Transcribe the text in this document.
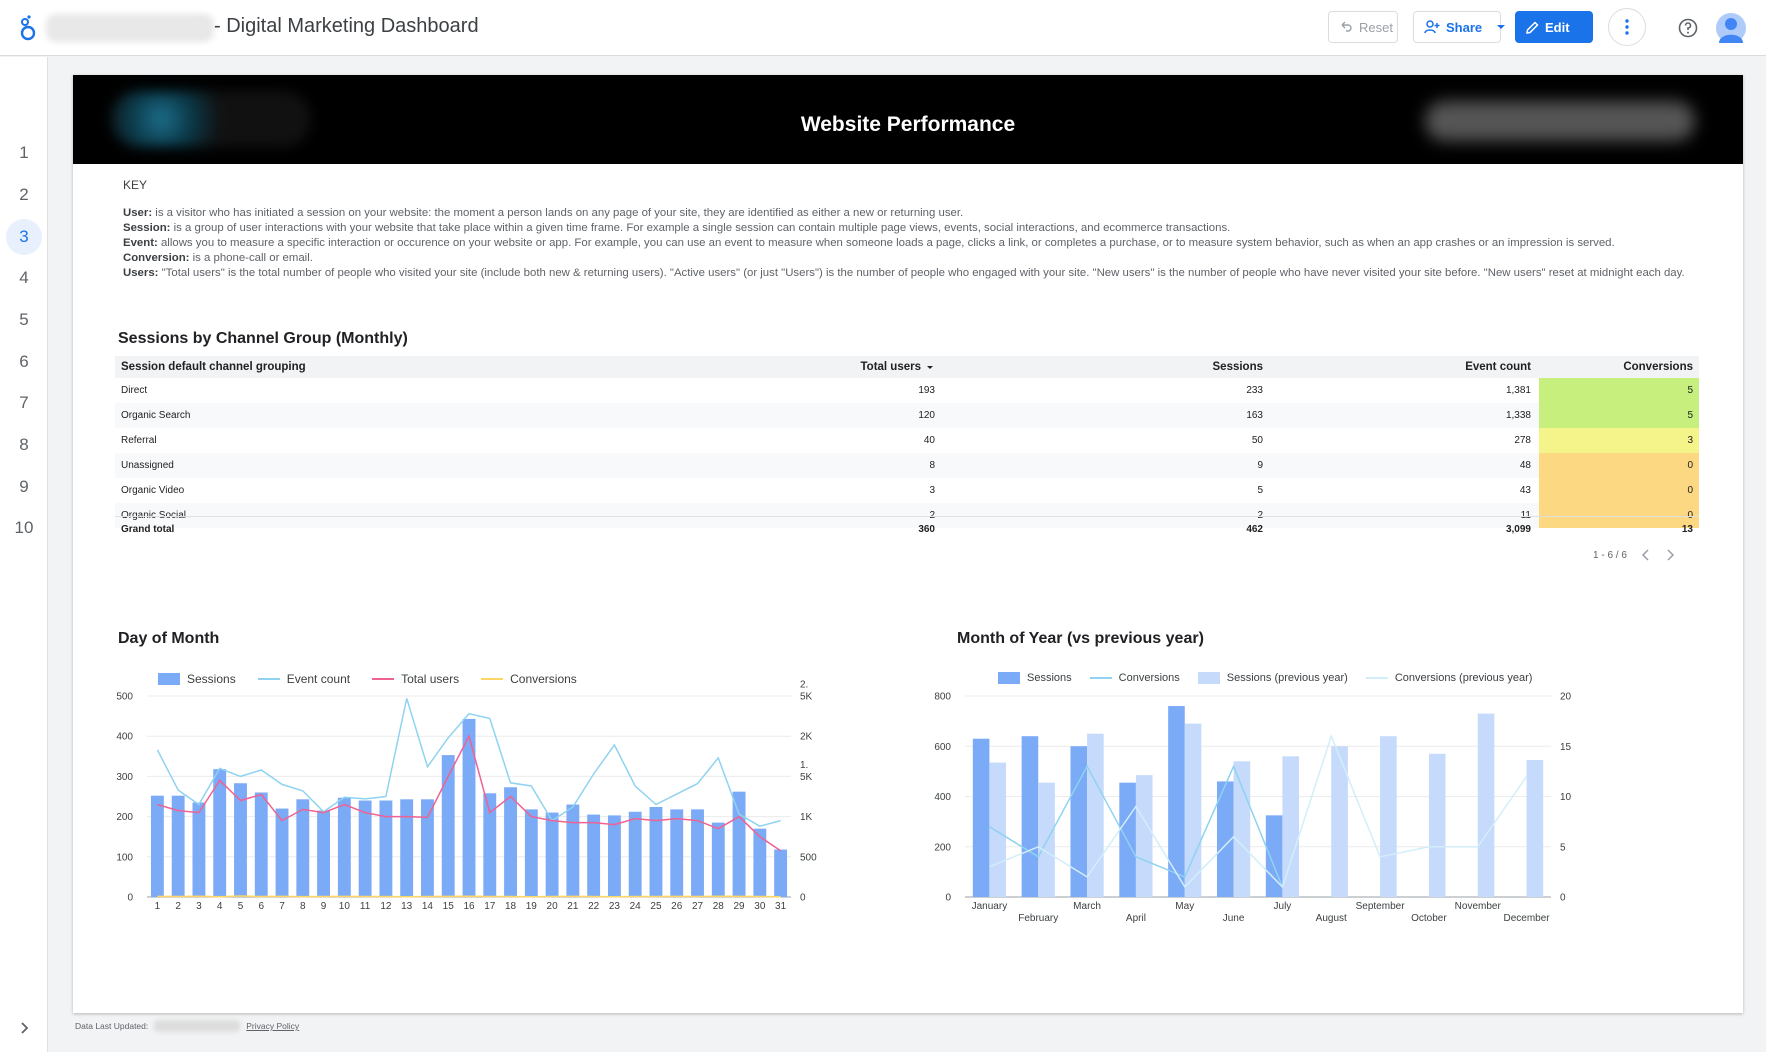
- Digital Marketing Dashboard	Reset	Share	Edit
1
2
3
4
5
6
7
8
9
10
Website Performance
KEY
User: is a visitor who has initiated a session on your website: the moment a person lands on any page of your site, they are identified as either a new or returning user.
Session: is a group of user interactions with your website that take place within a given time frame. For example a single session can contain multiple page views, events, social interactions, and ecommerce transactions.
Event: allows you to measure a specific interaction or occurence on your website or app. For example, you can use an event to measure when someone loads a page, clicks a link, or completes a purchase, or to measure system behavior, such as when an app crashes or an impression is served.
Conversion: is a phone-call or email.
Users: "Total users" is the total number of people who visited your site (include both new & returning users). "Active users" (or just "Users") is the number of people who engaged with your site. "New users" is the number of people who have never visited your site before. "New users" reset at midnight each day.
Sessions by Channel Group (Monthly)
Session default channel grouping	Total users	Sessions	Event count	Conversions
Direct	193	233	1,381	5
Organic Search	120	163	1,338	5
Referral	40	50	278	3
Unassigned	8	9	48	0
Organic Video	3	5	43	0
Organic Social	2	2	11	0
Grand total	360	462	3,099	13
1 - 6 / 6
Day of Month
Sessions	Event count	Total users	Conversions
0
100
200
300
400
500
0
500
1K
1. 5K
2K
2. 5K
1 2 3 4 5 6 7 8 9 10 11 12 13 14 15 16 17 18 19 20 21 22 23 24 25 26 27 28 29 30 31
Month of Year (vs previous year)
Sessions	Conversions	Sessions (previous year)	Conversions (previous year)
0
200
400
600
800
0
5
10
15
20
January
February
March
April
May
June
July
August
September
October
November
December
Data Last Updated:	Privacy Policy
